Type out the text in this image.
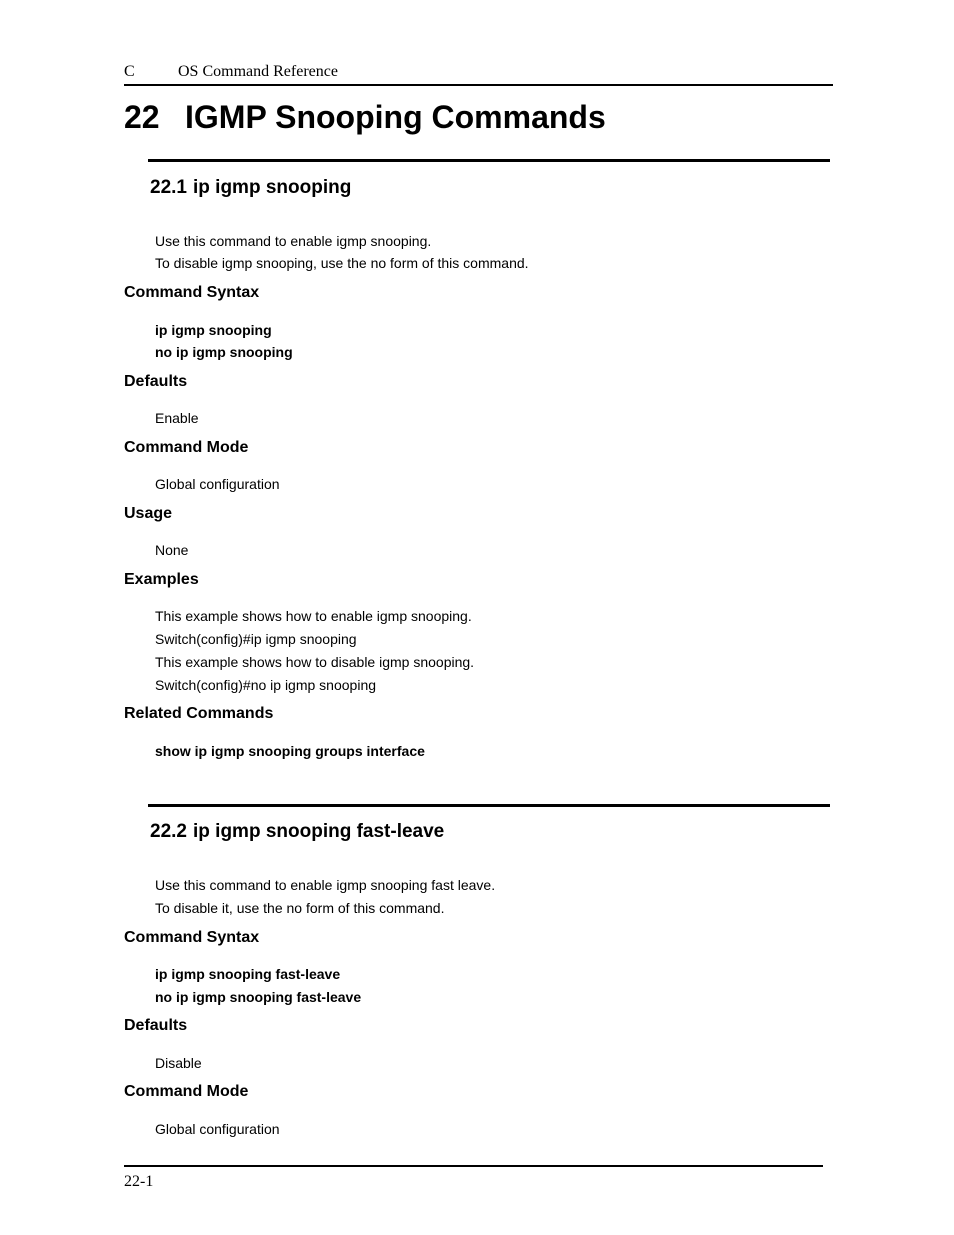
C	OS Command Reference
22 IGMP Snooping Commands
22.1 ip igmp snooping
Use this command to enable igmp snooping.
To disable igmp snooping, use the no form of this command.
Command Syntax
ip igmp snooping
no ip igmp snooping
Defaults
Enable
Command Mode
Global configuration
Usage
None
Examples
This example shows how to enable igmp snooping.
Switch(config)#ip igmp snooping
This example shows how to disable igmp snooping.
Switch(config)#no ip igmp snooping
Related Commands
show ip igmp snooping groups interface
22.2 ip igmp snooping fast-leave
Use this command to enable igmp snooping fast leave.
To disable it, use the no form of this command.
Command Syntax
ip igmp snooping fast-leave
no ip igmp snooping fast-leave
Defaults
Disable
Command Mode
Global configuration
22-1
